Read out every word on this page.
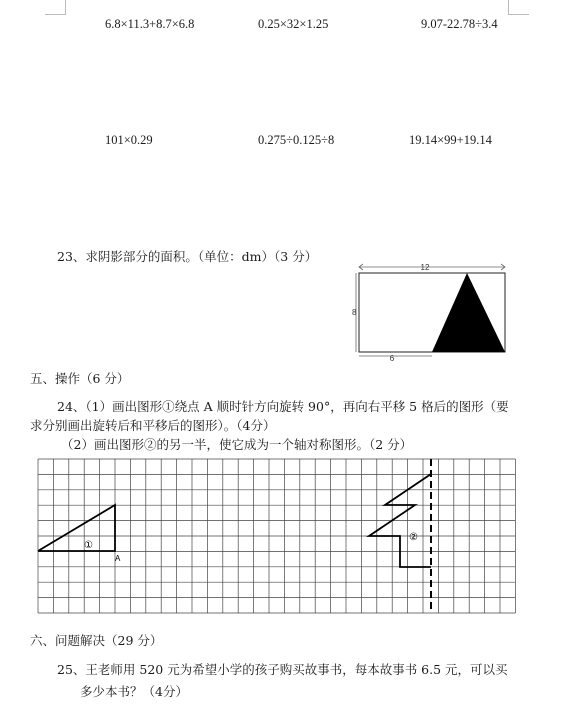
6.8×11.3+8.7×6.8	0.25×32×1.25	9.07-22.78÷3.4
101×0.29	0.275÷0.125÷8	19.14×99+19.14
23、求阴影部分的面积。（单位：dm）（3 分）
12
8
6
五、操作（6 分）
24、（1）画出图形①绕点 A 顺时针方向旋转 90°，再向右平移 5 格后的图形（要
求分别画出旋转后和平移后的图形）。（4分）
（2）画出图形②的另一半，使它成为一个轴对称图形。（2 分）
①
A
②
六、问题解决（29 分）
25、王老师用 520 元为希望小学的孩子购买故事书，每本故事书 6.5 元，可以买
多少本书？（4分）
